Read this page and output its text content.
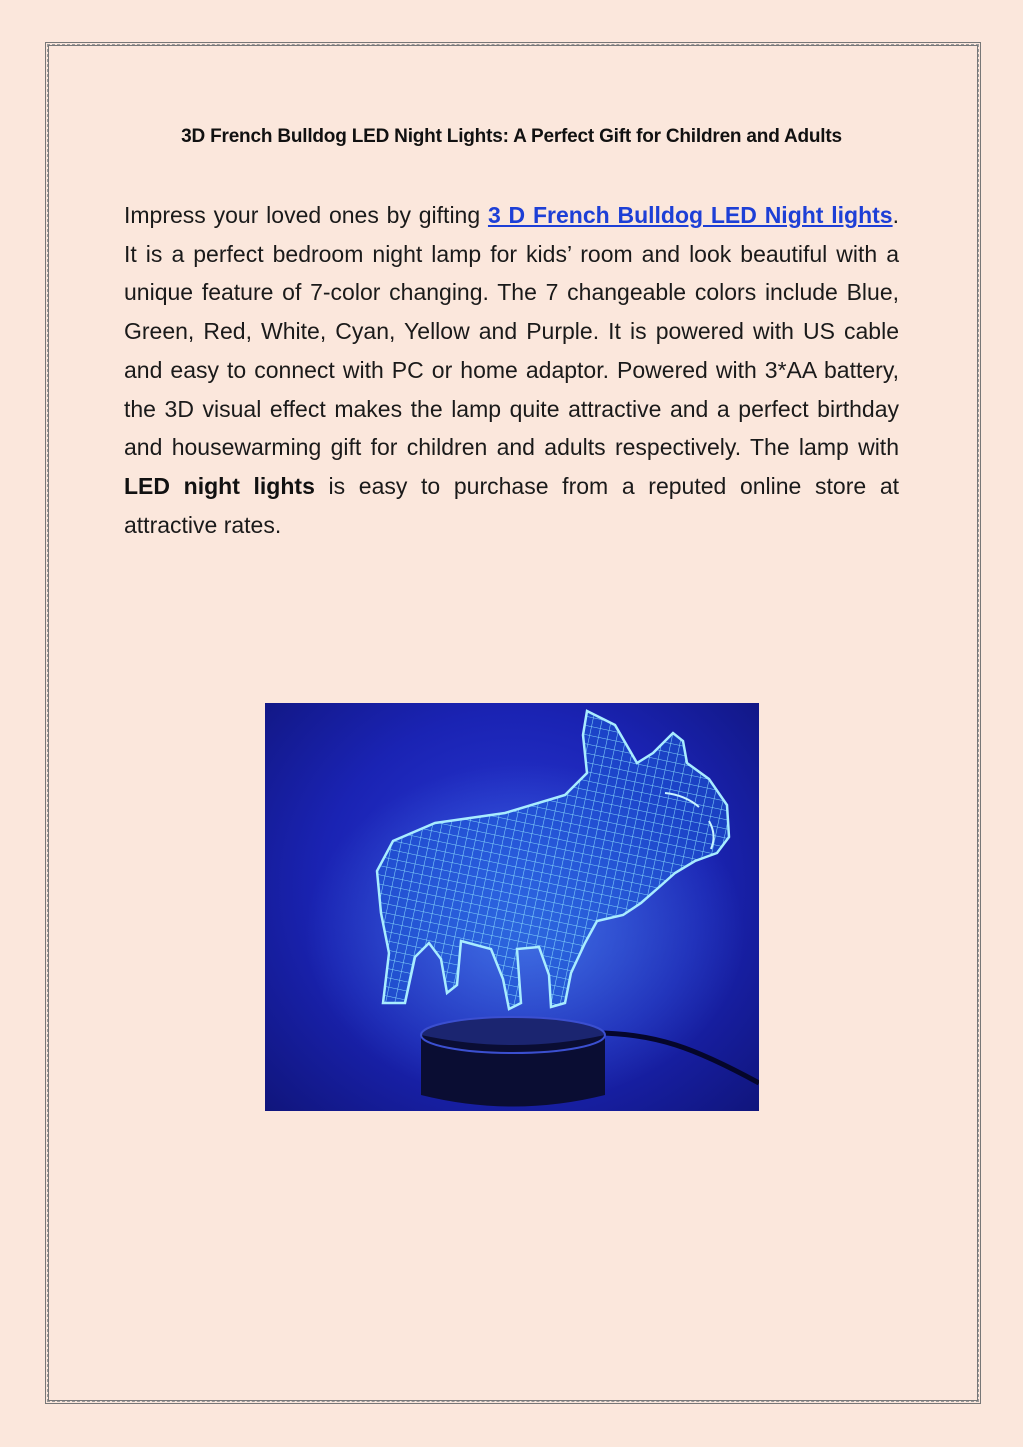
3D French Bulldog LED Night Lights: A Perfect Gift for Children and Adults

Impress your loved ones by gifting 3 D French Bulldog LED Night lights. It is a perfect bedroom night lamp for kids’ room and look beautiful with a unique feature of 7-color changing. The 7 changeable colors include Blue, Green, Red, White, Cyan, Yellow and Purple. It is powered with US cable and easy to connect with PC or home adaptor. Powered with 3*AA battery, the 3D visual effect makes the lamp quite attractive and a perfect birthday and housewarming gift for children and adults respectively. The lamp with LED night lights is easy to purchase from a reputed online store at attractive rates.
